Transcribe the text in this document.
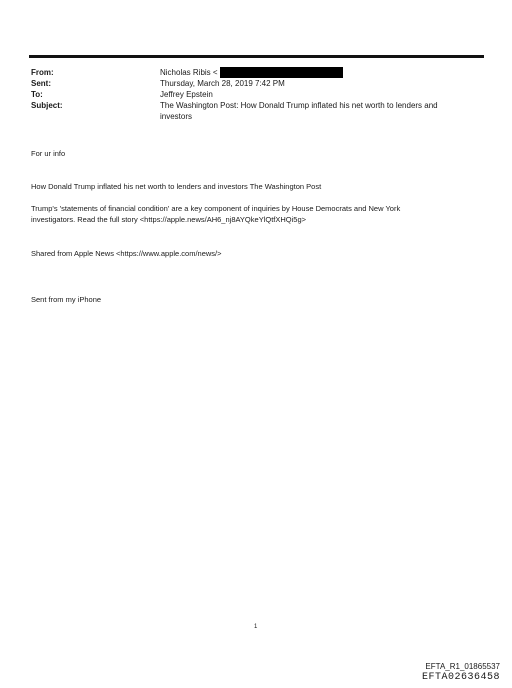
From:	Nicholas Ribis <
Sent:	Thursday, March 28, 2019 7:42 PM
To:	Jeffrey Epstein
Subject:	The Washington Post: How Donald Trump inflated his net worth to lenders and
investors
For ur info
How Donald Trump inflated his net worth to lenders and investors The Washington Post
Trump's 'statements of financial condition' are a key component of inquiries by House Democrats and New York
investigators. Read the full story <https://apple.news/AH6_nj8AYQkeYlQtfXHQi5g>
Shared from Apple News <https://www.apple.com/news/>
Sent from my iPhone
1
EFTA_R1_01865537
EFTA02636458
